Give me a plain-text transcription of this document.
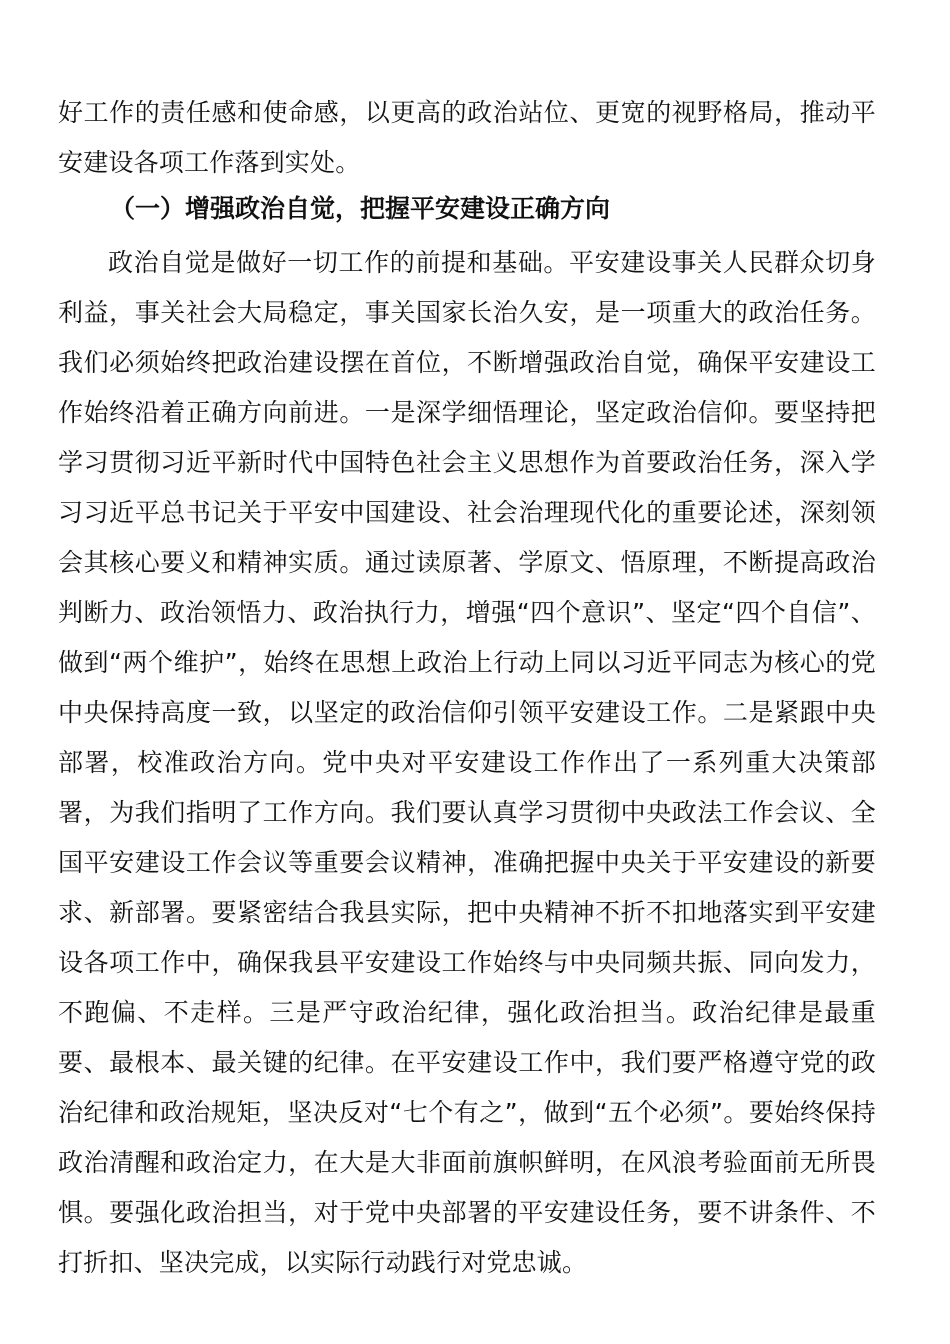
好工作的责任感和使命感，以更高的政治站位、更宽的视野格局，推动平安建设各项工作落到实处。

（一）增强政治自觉，把握平安建设正确方向

政治自觉是做好一切工作的前提和基础。平安建设事关人民群众切身利益，事关社会大局稳定，事关国家长治久安，是一项重大的政治任务。我们必须始终把政治建设摆在首位，不断增强政治自觉，确保平安建设工作始终沿着正确方向前进。一是深学细悟理论，坚定政治信仰。要坚持把学习贯彻习近平新时代中国特色社会主义思想作为首要政治任务，深入学习习近平总书记关于平安中国建设、社会治理现代化的重要论述，深刻领会其核心要义和精神实质。通过读原著、学原文、悟原理，不断提高政治判断力、政治领悟力、政治执行力，增强“四个意识”、坚定“四个自信”、做到“两个维护”，始终在思想上政治上行动上同以习近平同志为核心的党中央保持高度一致，以坚定的政治信仰引领平安建设工作。二是紧跟中央部署，校准政治方向。党中央对平安建设工作作出了一系列重大决策部署，为我们指明了工作方向。我们要认真学习贯彻中央政法工作会议、全国平安建设工作会议等重要会议精神，准确把握中央关于平安建设的新要求、新部署。要紧密结合我县实际，把中央精神不折不扣地落实到平安建设各项工作中，确保我县平安建设工作始终与中央同频共振、同向发力，不跑偏、不走样。三是严守政治纪律，强化政治担当。政治纪律是最重要、最根本、最关键的纪律。在平安建设工作中，我们要严格遵守党的政治纪律和政治规矩，坚决反对“七个有之”，做到“五个必须”。要始终保持政治清醒和政治定力，在大是大非面前旗帜鲜明，在风浪考验面前无所畏惧。要强化政治担当，对于党中央部署的平安建设任务，要不讲条件、不打折扣、坚决完成，以实际行动践行对党忠诚。
